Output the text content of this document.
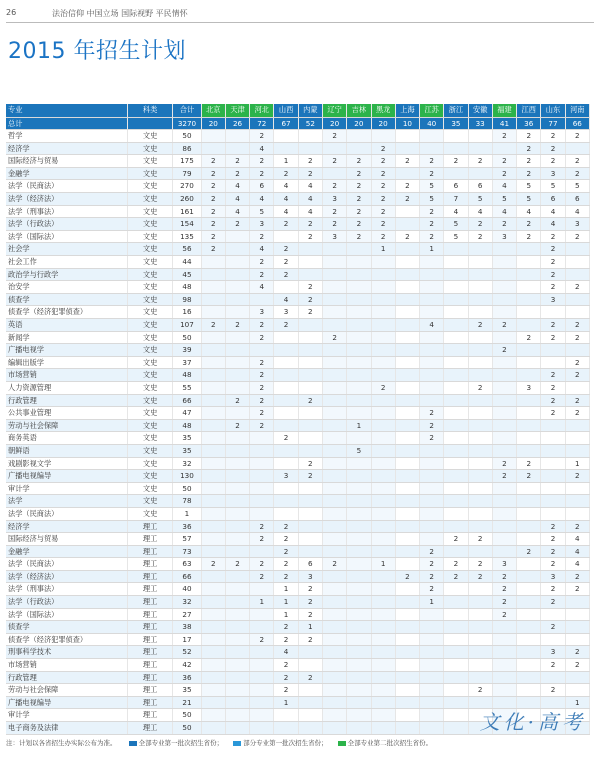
26	法治信仰 中国立场 国际视野 平民情怀
2015 年招生计划
专业	科类	合计	北京	天津	河北	山西	内蒙	辽宁	吉林	黑龙	上海	江苏	浙江	安徽	福建	江西	山东	河南
总计		3270	20	26	72	67	52	20	20	20	10	40	35	33	41	36	77	66
哲学	文史	50			2			2							2	2	2	2
经济学	文史	86			4					2						2	2	
国际经济与贸易	文史	175	2	2	2	1	2	2	2	2	2	2	2	2	2	2	2	2
金融学	文史	79	2	2	2	2	2		2	2		2			2	2	3	2
法学（民商法）	文史	270	2	4	6	4	4	2	2	2	2	5	6	6	4	5	5	5
法学（经济法）	文史	260	2	4	4	4	4	3	2	2	2	5	7	5	5	5	6	6
法学（刑事法）	文史	161	2	4	5	4	4	2	2	2		2	4	4	4	4	4	4
法学（行政法）	文史	154	2	2	3	2	2	2	2	2		2	5	2	2	2	4	3
法学（国际法）	文史	135	2		2		2	3	2	2	2	2	5	2	3	2	2	2
社会学	文史	56	2		4	2				1		1					2	
社会工作	文史	44			2	2											2	
政治学与行政学	文史	45			2	2											2	
治安学	文史	48			4		2										2	2
侦查学	文史	98				4	2										3	
侦查学（经济犯罪侦查）	文史	16			3	3	2											
英语	文史	107	2	2	2	2						4		2	2		2	2
新闻学	文史	50			2			2								2	2	2
广播电视学	文史	39													2			
编辑出版学	文史	37			2													2
市场营销	文史	48			2												2	2
人力资源管理	文史	55			2					2				2		3	2	
行政管理	文史	66		2	2		2										2	2
公共事业管理	文史	47			2							2					2	2
劳动与社会保障	文史	48		2	2				1			2						
商务英语	文史	35				2						2						
朝鲜语	文史	35							5									
戏剧影视文学	文史	32					2								2	2		1
广播电视编导	文史	130				3	2								2	2		2
审计学	文史	50																
法学	文史	78																
法学（民商法）	文史	1																
经济学	理工	36			2	2											2	2
国际经济与贸易	理工	57			2	2							2	2			2	4
金融学	理工	73				2						2				2	2	4
法学（民商法）	理工	63	2	2	2	2	6	2		1		2	2	2	3		2	4
法学（经济法）	理工	66			2	2	3				2	2	2	2	2		3	2
法学（刑事法）	理工	40				1	2					2			2		2	2
法学（行政法）	理工	32			1	1	2					1			2		2	
法学（国际法）	理工	27				1	2								2			
侦查学	理工	38				2	1										2	
侦查学（经济犯罪侦查）	理工	17			2	2	2											
刑事科学技术	理工	52				4											3	2
市场营销	理工	42				2											2	2
行政管理	理工	36				2	2											
劳动与社会保障	理工	35				2								2			2	
广播电视编导	理工	21				1												1
审计学	理工	50																
电子商务及法律	理工	50																
注：计划以各省招生办实际公布为准。	全部专业第一批次招生省份；	部分专业第一批次招生省份；	全部专业第二批次招生省份。
文化·高考
